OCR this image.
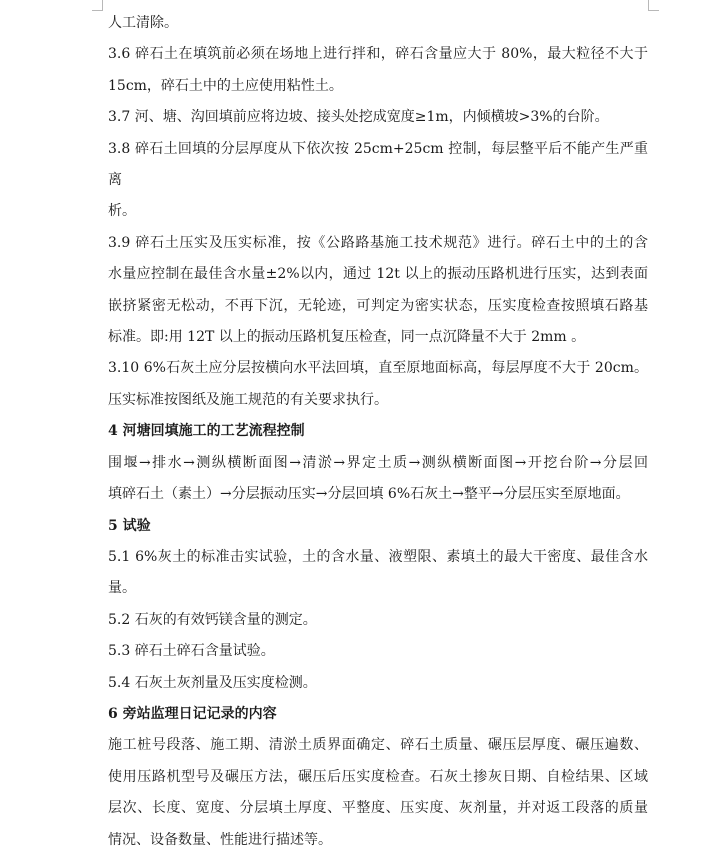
人工清除。

3.6 碎石土在填筑前必须在场地上进行拌和，碎石含量应大于 80%，最大粒径不大于
15cm，碎石土中的土应使用粘性土。

3.7 河、塘、沟回填前应将边坡、接头处挖成宽度≥1m，内倾横坡>3%的台阶。

3.8 碎石土回填的分层厚度从下依次按 25cm+25cm 控制，每层整平后不能产生严重离
析。

3.9 碎石土压实及压实标准，按《公路路基施工技术规范》进行。碎石土中的土的含
水量应控制在最佳含水量±2%以内，通过 12t 以上的振动压路机进行压实，达到表面
嵌挤紧密无松动，不再下沉，无轮迹，可判定为密实状态，压实度检查按照填石路基
标准。即:用 12T 以上的振动压路机复压检查，同一点沉降量不大于 2mm 。

3.10 6%石灰土应分层按横向水平法回填，直至原地面标高，每层厚度不大于 20cm。
压实标准按图纸及施工规范的有关要求执行。

4 河塘回填施工的工艺流程控制

围堰→排水→测纵横断面图→清淤→界定土质→测纵横断面图→开挖台阶→分层回
填碎石土（素土）→分层振动压实→分层回填 6%石灰土→整平→分层压实至原地面。

5 试验

5.1 6%灰土的标准击实试验，土的含水量、液塑限、素填土的最大干密度、最佳含水
量。

5.2 石灰的有效钙镁含量的测定。

5.3 碎石土碎石含量试验。

5.4 石灰土灰剂量及压实度检测。

6 旁站监理日记记录的内容

施工桩号段落、施工期、清淤土质界面确定、碎石土质量、碾压层厚度、碾压遍数、
使用压路机型号及碾压方法，碾压后压实度检查。石灰土掺灰日期、自检结果、区域
层次、长度、宽度、分层填土厚度、平整度、压实度、灰剂量，并对返工段落的质量
情况、设备数量、性能进行描述等。
